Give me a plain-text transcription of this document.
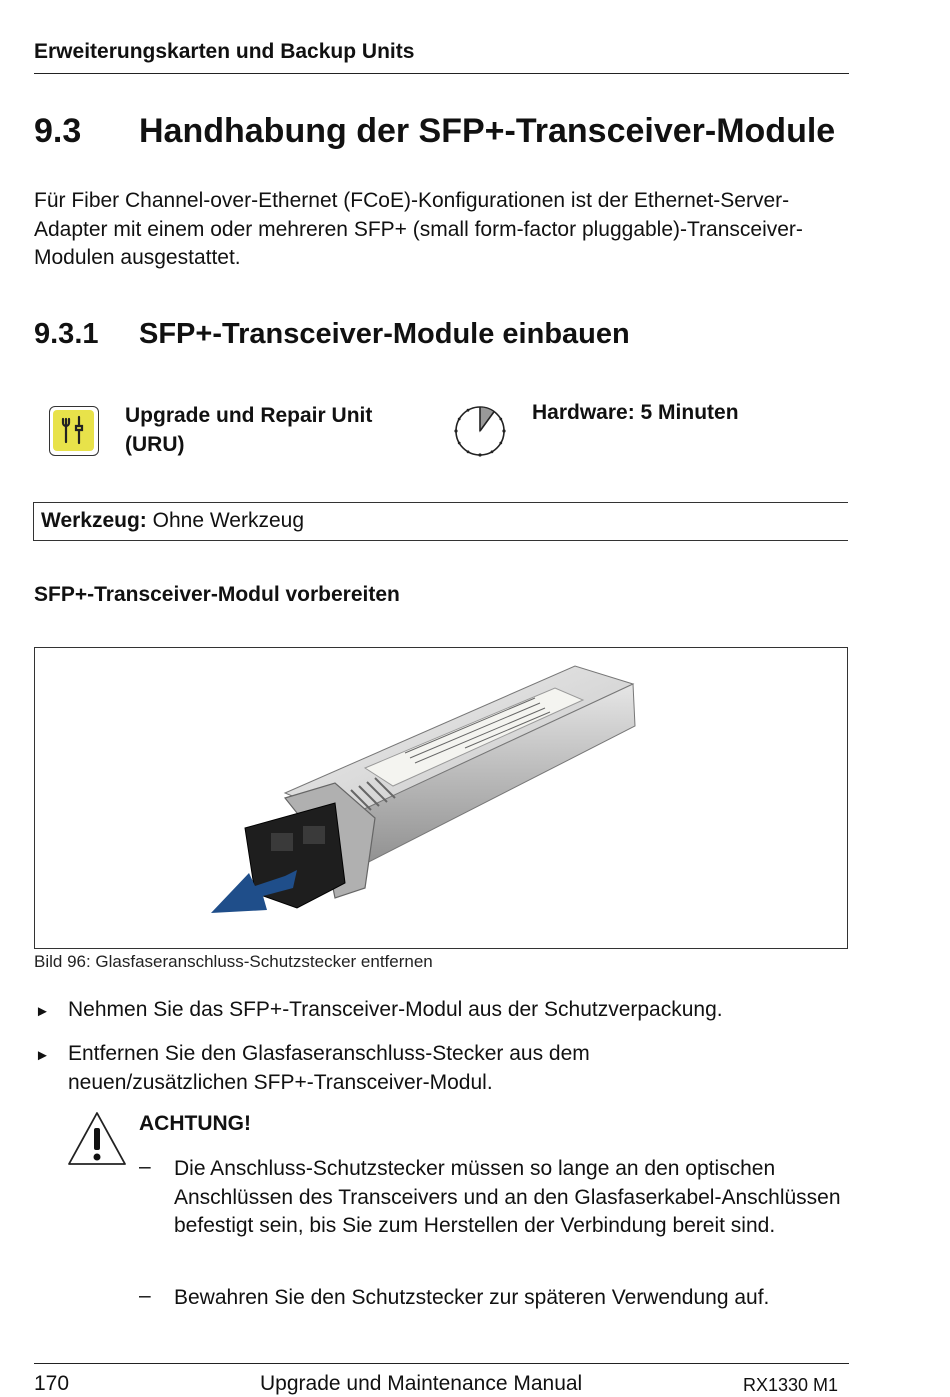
Erweiterungskarten und Backup Units
9.3 Handhabung der SFP+-Transceiver-Module
Für Fiber Channel-over-Ethernet (FCoE)-Konfigurationen ist der Ethernet-Server-Adapter mit einem oder mehreren SFP+ (small form-factor pluggable)-Transceiver-Modulen ausgestattet.
9.3.1 SFP+-Transceiver-Module einbauen
Upgrade und Repair Unit (URU)
Hardware: 5 Minuten
Werkzeug: Ohne Werkzeug
SFP+-Transceiver-Modul vorbereiten
Bild 96: Glasfaseranschluss-Schutzstecker entfernen
► Nehmen Sie das SFP+-Transceiver-Modul aus der Schutzverpackung.
► Entfernen Sie den Glasfaseranschluss-Stecker aus dem neuen/zusätzlichen SFP+-Transceiver-Modul.
ACHTUNG!
– Die Anschluss-Schutzstecker müssen so lange an den optischen Anschlüssen des Transceivers und an den Glasfaserkabel-Anschlüssen befestigt sein, bis Sie zum Herstellen der Verbindung bereit sind.
– Bewahren Sie den Schutzstecker zur späteren Verwendung auf.
170	Upgrade und Maintenance Manual	RX1330 M1
